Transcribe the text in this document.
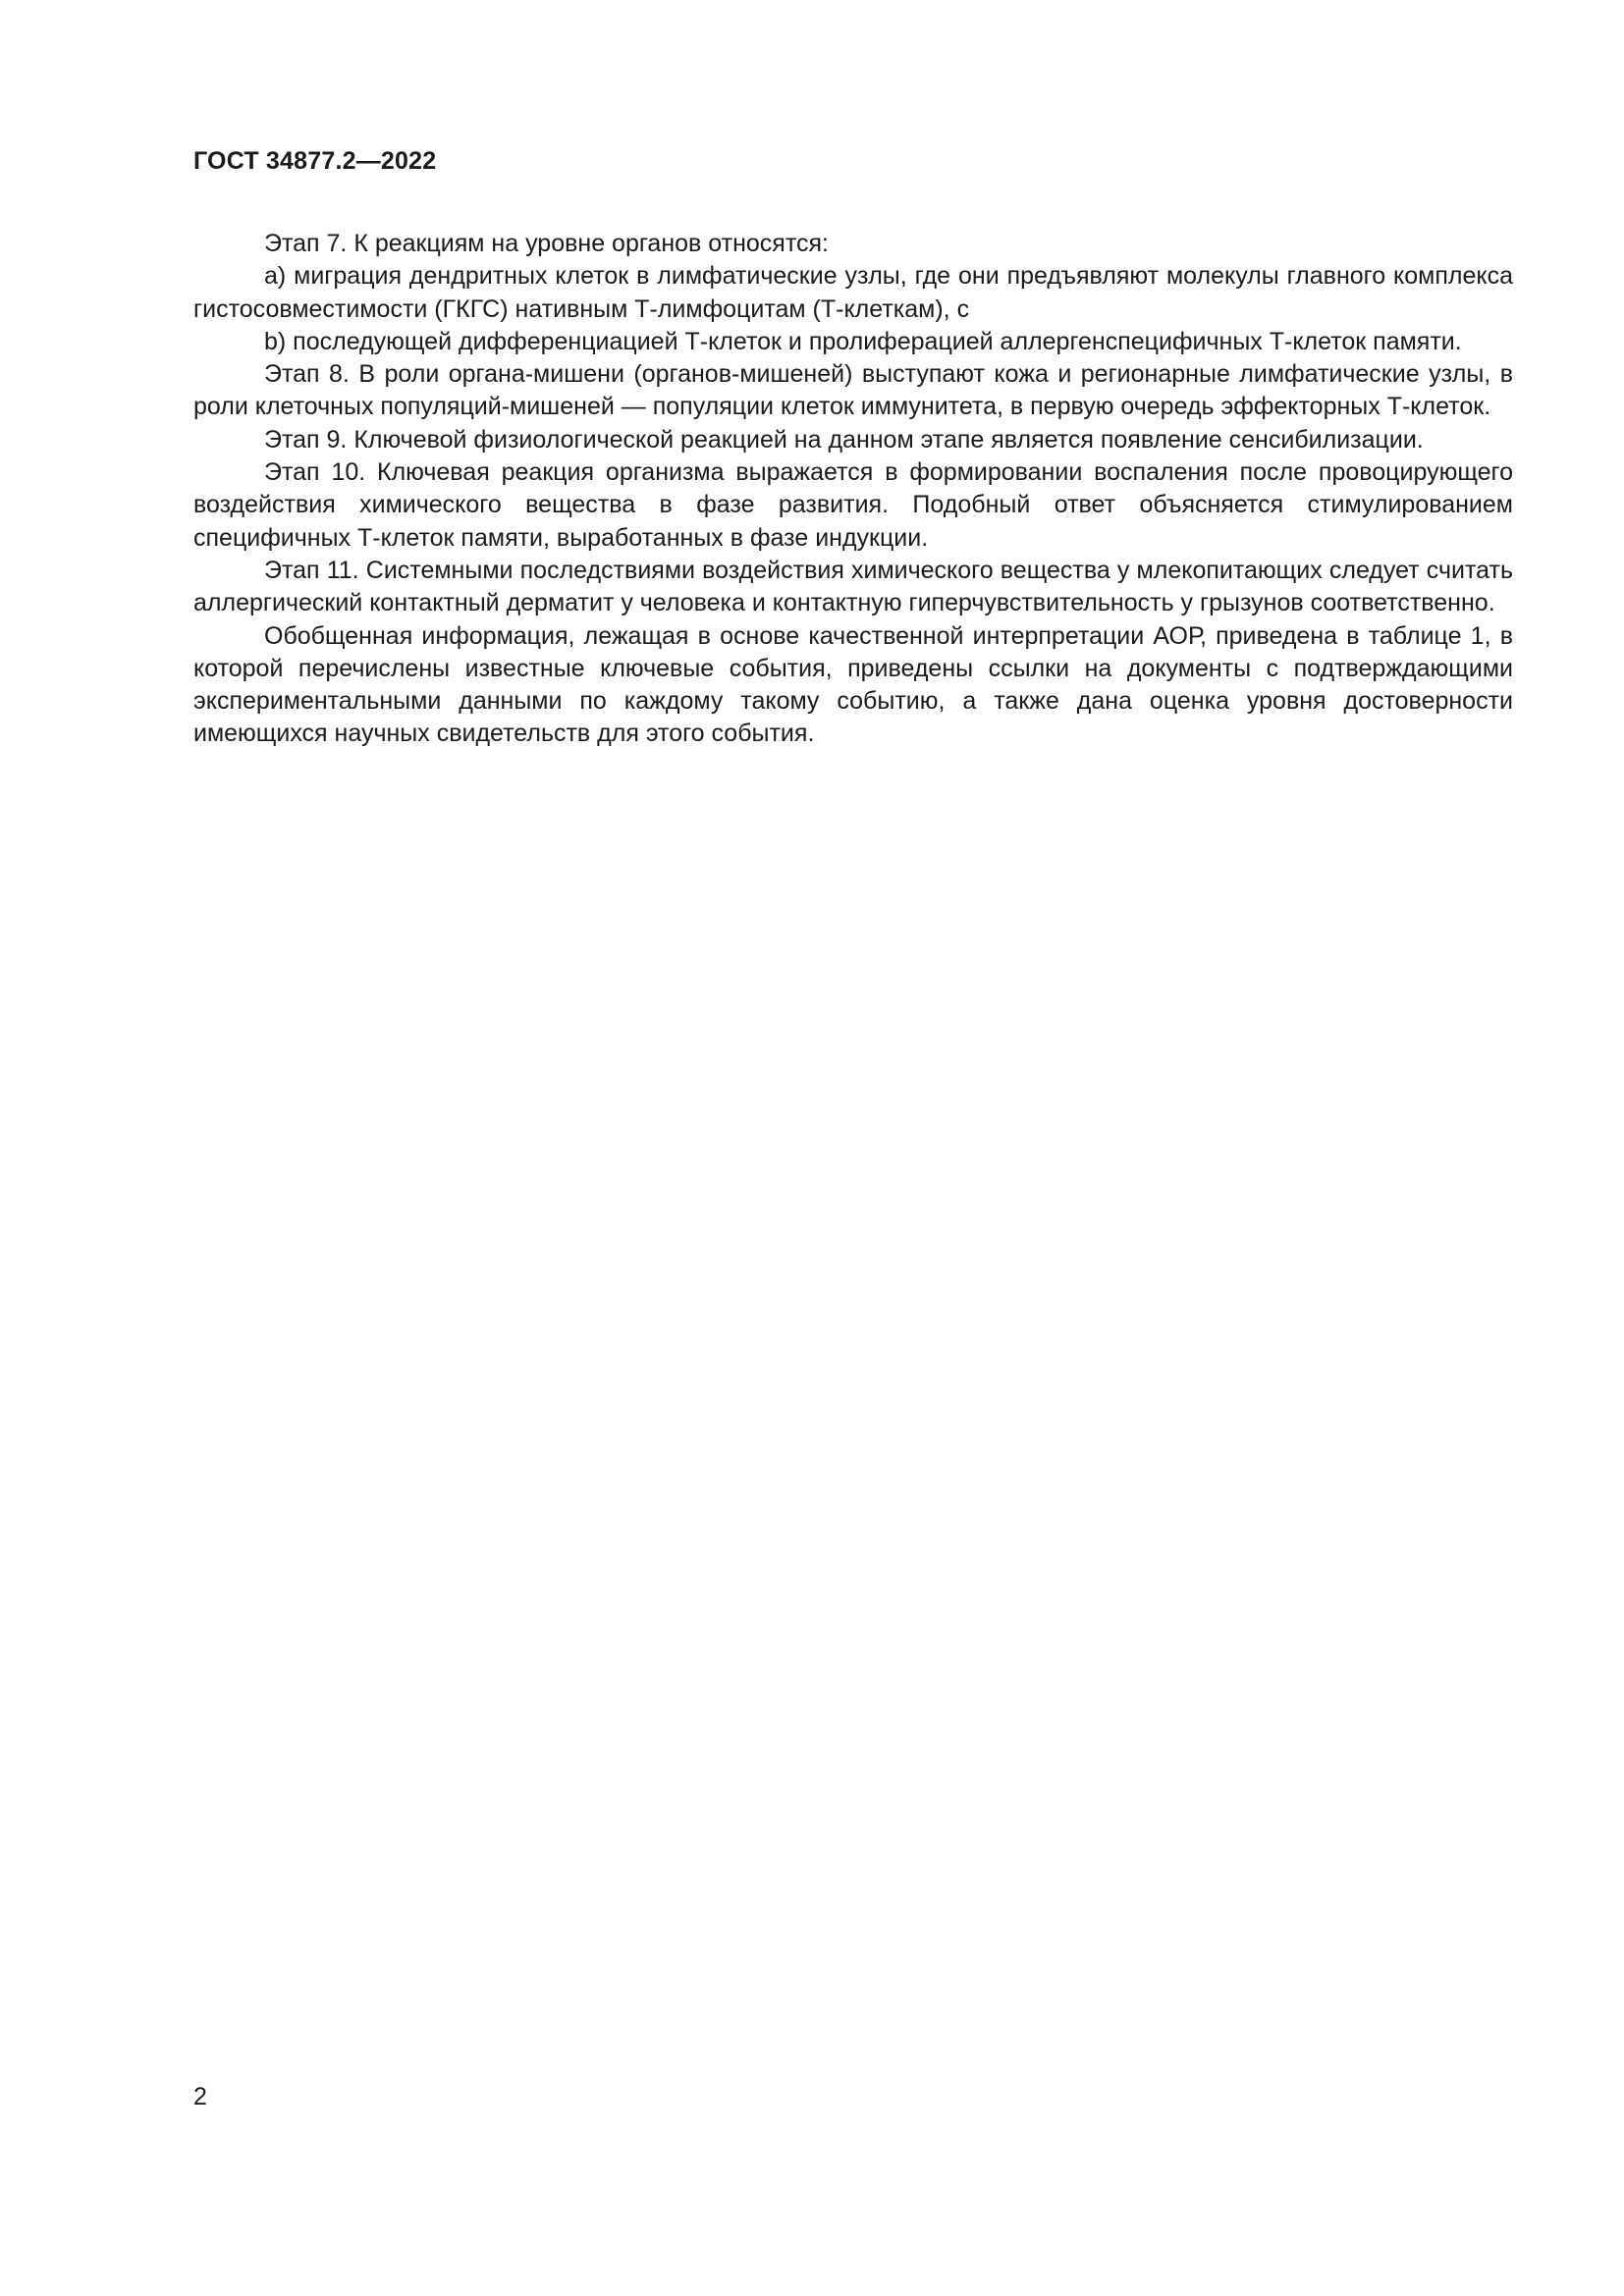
ГОСТ 34877.2—2022

Этап 7. К реакциям на уровне органов относятся:

а) миграция дендритных клеток в лимфатические узлы, где они предъявляют молекулы главного комплекса гистосовместимости (ГКГС) нативным Т-лимфоцитам (Т-клеткам), с

b) последующей дифференциацией Т-клеток и пролиферацией аллергенспецифичных Т-клеток памяти.

Этап 8. В роли органа-мишени (органов-мишеней) выступают кожа и регионарные лимфатические узлы, в роли клеточных популяций-мишеней — популяции клеток иммунитета, в первую очередь эффекторных Т-клеток.

Этап 9. Ключевой физиологической реакцией на данном этапе является появление сенсибилизации.

Этап 10. Ключевая реакция организма выражается в формировании воспаления после провоцирующего воздействия химического вещества в фазе развития. Подобный ответ объясняется стимулированием специфичных Т-клеток памяти, выработанных в фазе индукции.

Этап 11. Системными последствиями воздействия химического вещества у млекопитающих следует считать аллергический контактный дерматит у человека и контактную гиперчувствительность у грызунов соответственно.

Обобщенная информация, лежащая в основе качественной интерпретации АОР, приведена в таблице 1, в которой перечислены известные ключевые события, приведены ссылки на документы с подтверждающими экспериментальными данными по каждому такому событию, а также дана оценка уровня достоверности имеющихся научных свидетельств для этого события.

2
